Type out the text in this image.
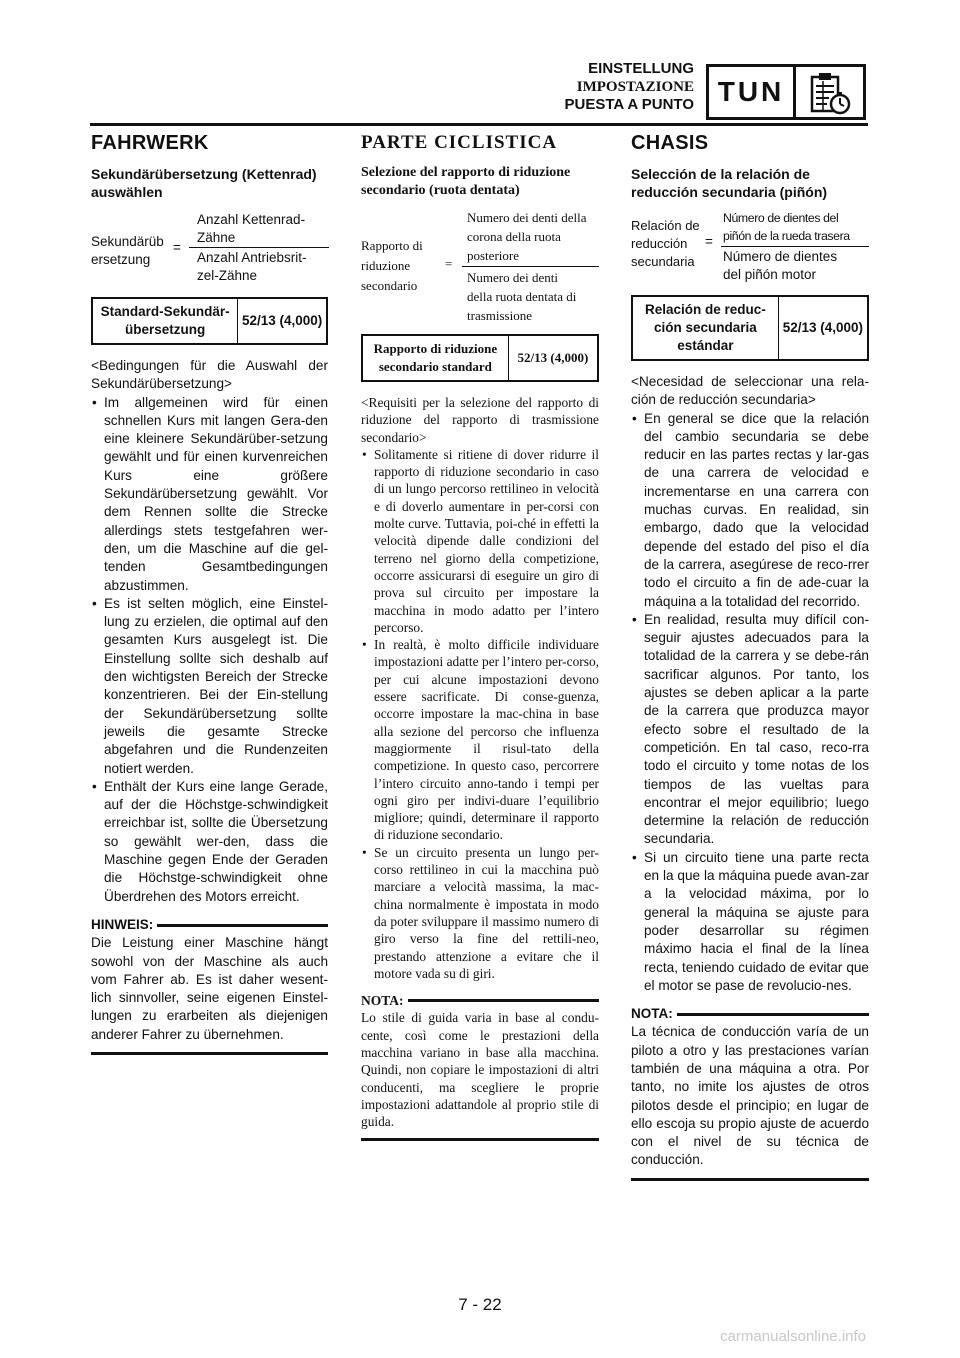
EINSTELLUNG
IMPOSTAZIONE
PUESTA A PUNTO TUN
FAHRWERK
Sekundärübersetzung (Kettenrad) auswählen
Sekundärüb
ersetzung
=
Anzahl Kettenrad-
Zähne
Anzahl Antriebsrit-
zel-Zähne
Standard-Sekundär- übersetzung	52/13 (4,000)

<Bedingungen für die Auswahl der Sekundärübersetzung>

• Im allgemeinen wird für einen schnellen Kurs mit langen Gera-den eine kleinere Sekundärüber-setzung gewählt und für einen kurvenreichen Kurs eine größere Sekundärübersetzung gewählt. Vor dem Rennen sollte die Strecke allerdings stets testgefahren wer-den, um die Maschine auf die gel-tenden Gesamtbedingungen abzustimmen.
• Es ist selten möglich, eine Einstel-lung zu erzielen, die optimal auf den gesamten Kurs ausgelegt ist. Die Einstellung sollte sich deshalb auf den wichtigsten Bereich der Strecke konzentrieren. Bei der Ein-stellung der Sekundärübersetzung sollte jeweils die gesamte Strecke abgefahren und die Rundenzeiten notiert werden.
• Enthält der Kurs eine lange Gerade, auf der die Höchstge-schwindigkeit erreichbar ist, sollte die Übersetzung so gewählt wer-den, dass die Maschine gegen Ende der Geraden die Höchstge-schwindigkeit ohne Überdrehen des Motors erreicht.
HINWEIS:

Die Leistung einer Maschine hängt sowohl von der Maschine als auch vom Fahrer ab. Es ist daher wesent-lich sinnvoller, seine eigenen Einstel-lungen zu erarbeiten als diejenigen anderer Fahrer zu übernehmen.

PARTE CICLISTICA
Selezione del rapporto di riduzione secondario (ruota dentata)
Rapporto di
riduzione
secondario
=
Numero dei denti della
corona della ruota
posteriore
Numero dei denti
della ruota dentata di
trasmissione
Rapporto di riduzione secondario standard	52/13 (4,000)

<Requisiti per la selezione del rapporto di riduzione del rapporto di trasmissione secondario>

• Solitamente si ritiene di dover ridurre il rapporto di riduzione secondario in caso di un lungo percorso rettilineo in velocità e di doverlo aumentare in per-corsi con molte curve. Tuttavia, poi-ché in effetti la velocità dipende dalle condizioni del terreno nel giorno della competizione, occorre assicurarsi di eseguire un giro di prova sul circuito per impostare la macchina in modo adatto per l’intero percorso.
• In realtà, è molto difficile individuare impostazioni adatte per l’intero per-corso, per cui alcune impostazioni devono essere sacrificate. Di conse-guenza, occorre impostare la mac-china in base alla sezione del percorso che influenza maggiormente il risul-tato della competizione. In questo caso, percorrere l’intero circuito anno-tando i tempi per ogni giro per indivi-duare l’equilibrio migliore; quindi, determinare il rapporto di riduzione secondario.
• Se un circuito presenta un lungo per-corso rettilineo in cui la macchina può marciare a velocità massima, la mac-china normalmente è impostata in modo da poter sviluppare il massimo numero di giro verso la fine del rettili-neo, prestando attenzione a evitare che il motore vada su di giri.
NOTA:

Lo stile di guida varia in base al condu-cente, così come le prestazioni della macchina variano in base alla macchina. Quindi, non copiare le impostazioni di altri conducenti, ma scegliere le proprie impostazioni adattandole al proprio stile di guida.

CHASIS
Selección de la relación de reducción secundaria (piñón)
Relación de
reducción
secundaria
=
Número de dientes del
piñón de la rueda trasera
Número de dientes
del piñón motor
Relación de reduc- ción secundaria estándar	52/13 (4,000)

<Necesidad de seleccionar una rela-ción de reducción secundaria>

• En general se dice que la relación del cambio secundaria se debe reducir en las partes rectas y lar-gas de una carrera de velocidad e incrementarse en una carrera con muchas curvas. En realidad, sin embargo, dado que la velocidad depende del estado del piso el día de la carrera, asegúrese de reco-rrer todo el circuito a fin de ade-cuar la máquina a la totalidad del recorrido.
• En realidad, resulta muy difícil con-seguir ajustes adecuados para la totalidad de la carrera y se debe-rán sacrificar algunos. Por tanto, los ajustes se deben aplicar a la parte de la carrera que produzca mayor efecto sobre el resultado de la competición. En tal caso, reco-rra todo el circuito y tome notas de los tiempos de las vueltas para encontrar el mejor equilibrio; luego determine la relación de reducción secundaria.
• Si un circuito tiene una parte recta en la que la máquina puede avan-zar a la velocidad máxima, por lo general la máquina se ajuste para poder desarrollar su régimen máximo hacia el final de la línea recta, teniendo cuidado de evitar que el motor se pase de revolucio-nes.
NOTA:

La técnica de conducción varía de un piloto a otro y las prestaciones varían también de una máquina a otra. Por tanto, no imite los ajustes de otros pilotos desde el principio; en lugar de ello escoja su propio ajuste de acuerdo con el nivel de su técnica de conducción.

7 - 22
carmanualsonline.info
